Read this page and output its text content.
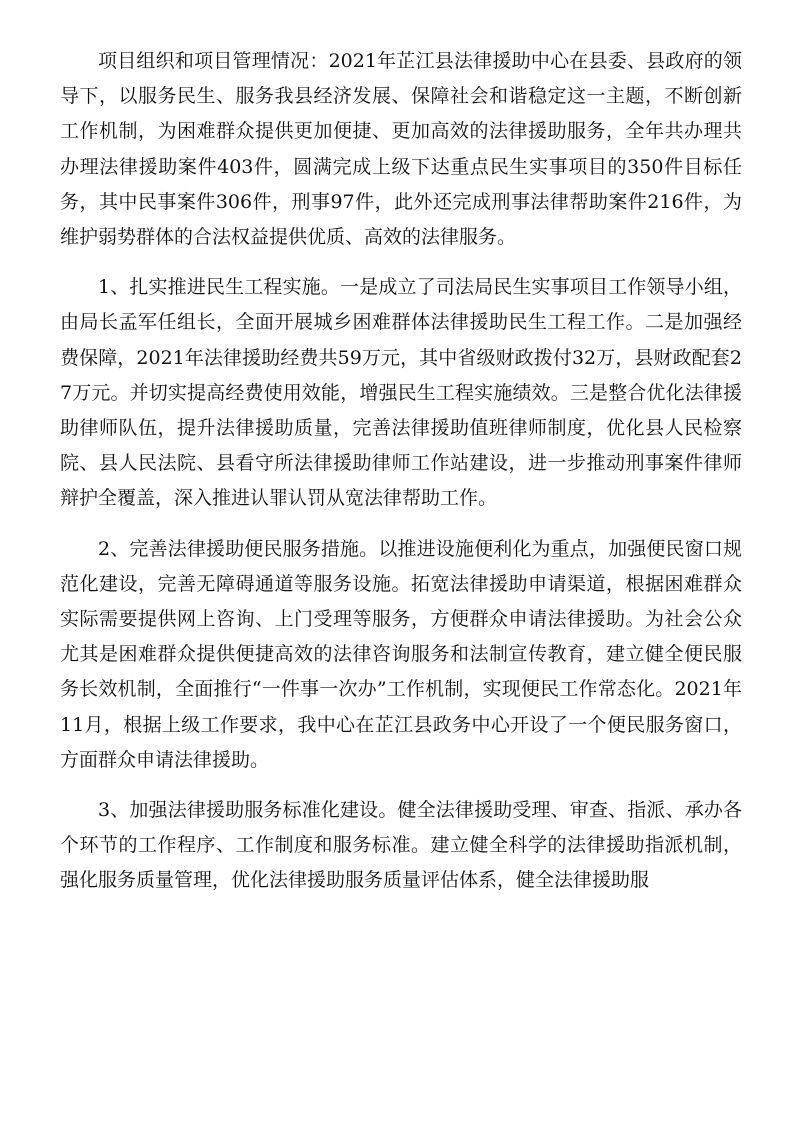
项目组织和项目管理情况：2021年芷江县法律援助中心在县委、县政府的领导下，以服务民生、服务我县经济发展、保障社会和谐稳定这一主题，不断创新工作机制，为困难群众提供更加便捷、更加高效的法律援助服务，全年共办理共办理法律援助案件403件，圆满完成上级下达重点民生实事项目的350件目标任务，其中民事案件306件，刑事97件，此外还完成刑事法律帮助案件216件，为维护弱势群体的合法权益提供优质、高效的法律服务。

1、扎实推进民生工程实施。一是成立了司法局民生实事项目工作领导小组，由局长孟军任组长，全面开展城乡困难群体法律援助民生工程工作。二是加强经费保障，2021年法律援助经费共59万元，其中省级财政拨付32万，县财政配套27万元。并切实提高经费使用效能，增强民生工程实施绩效。三是整合优化法律援助律师队伍，提升法律援助质量，完善法律援助值班律师制度，优化县人民检察院、县人民法院、县看守所法律援助律师工作站建设，进一步推动刑事案件律师辩护全覆盖，深入推进认罪认罚从宽法律帮助工作。

2、完善法律援助便民服务措施。以推进设施便利化为重点，加强便民窗口规范化建设，完善无障碍通道等服务设施。拓宽法律援助申请渠道，根据困难群众实际需要提供网上咨询、上门受理等服务，方便群众申请法律援助。为社会公众尤其是困难群众提供便捷高效的法律咨询服务和法制宣传教育，建立健全便民服务长效机制，全面推行“一件事一次办”工作机制，实现便民工作常态化。2021年11月，根据上级工作要求，我中心在芷江县政务中心开设了一个便民服务窗口，方面群众申请法律援助。

3、加强法律援助服务标准化建设。健全法律援助受理、审查、指派、承办各个环节的工作程序、工作制度和服务标准。建立健全科学的法律援助指派机制，强化服务质量管理，优化法律援助服务质量评估体系，健全法律援助服
